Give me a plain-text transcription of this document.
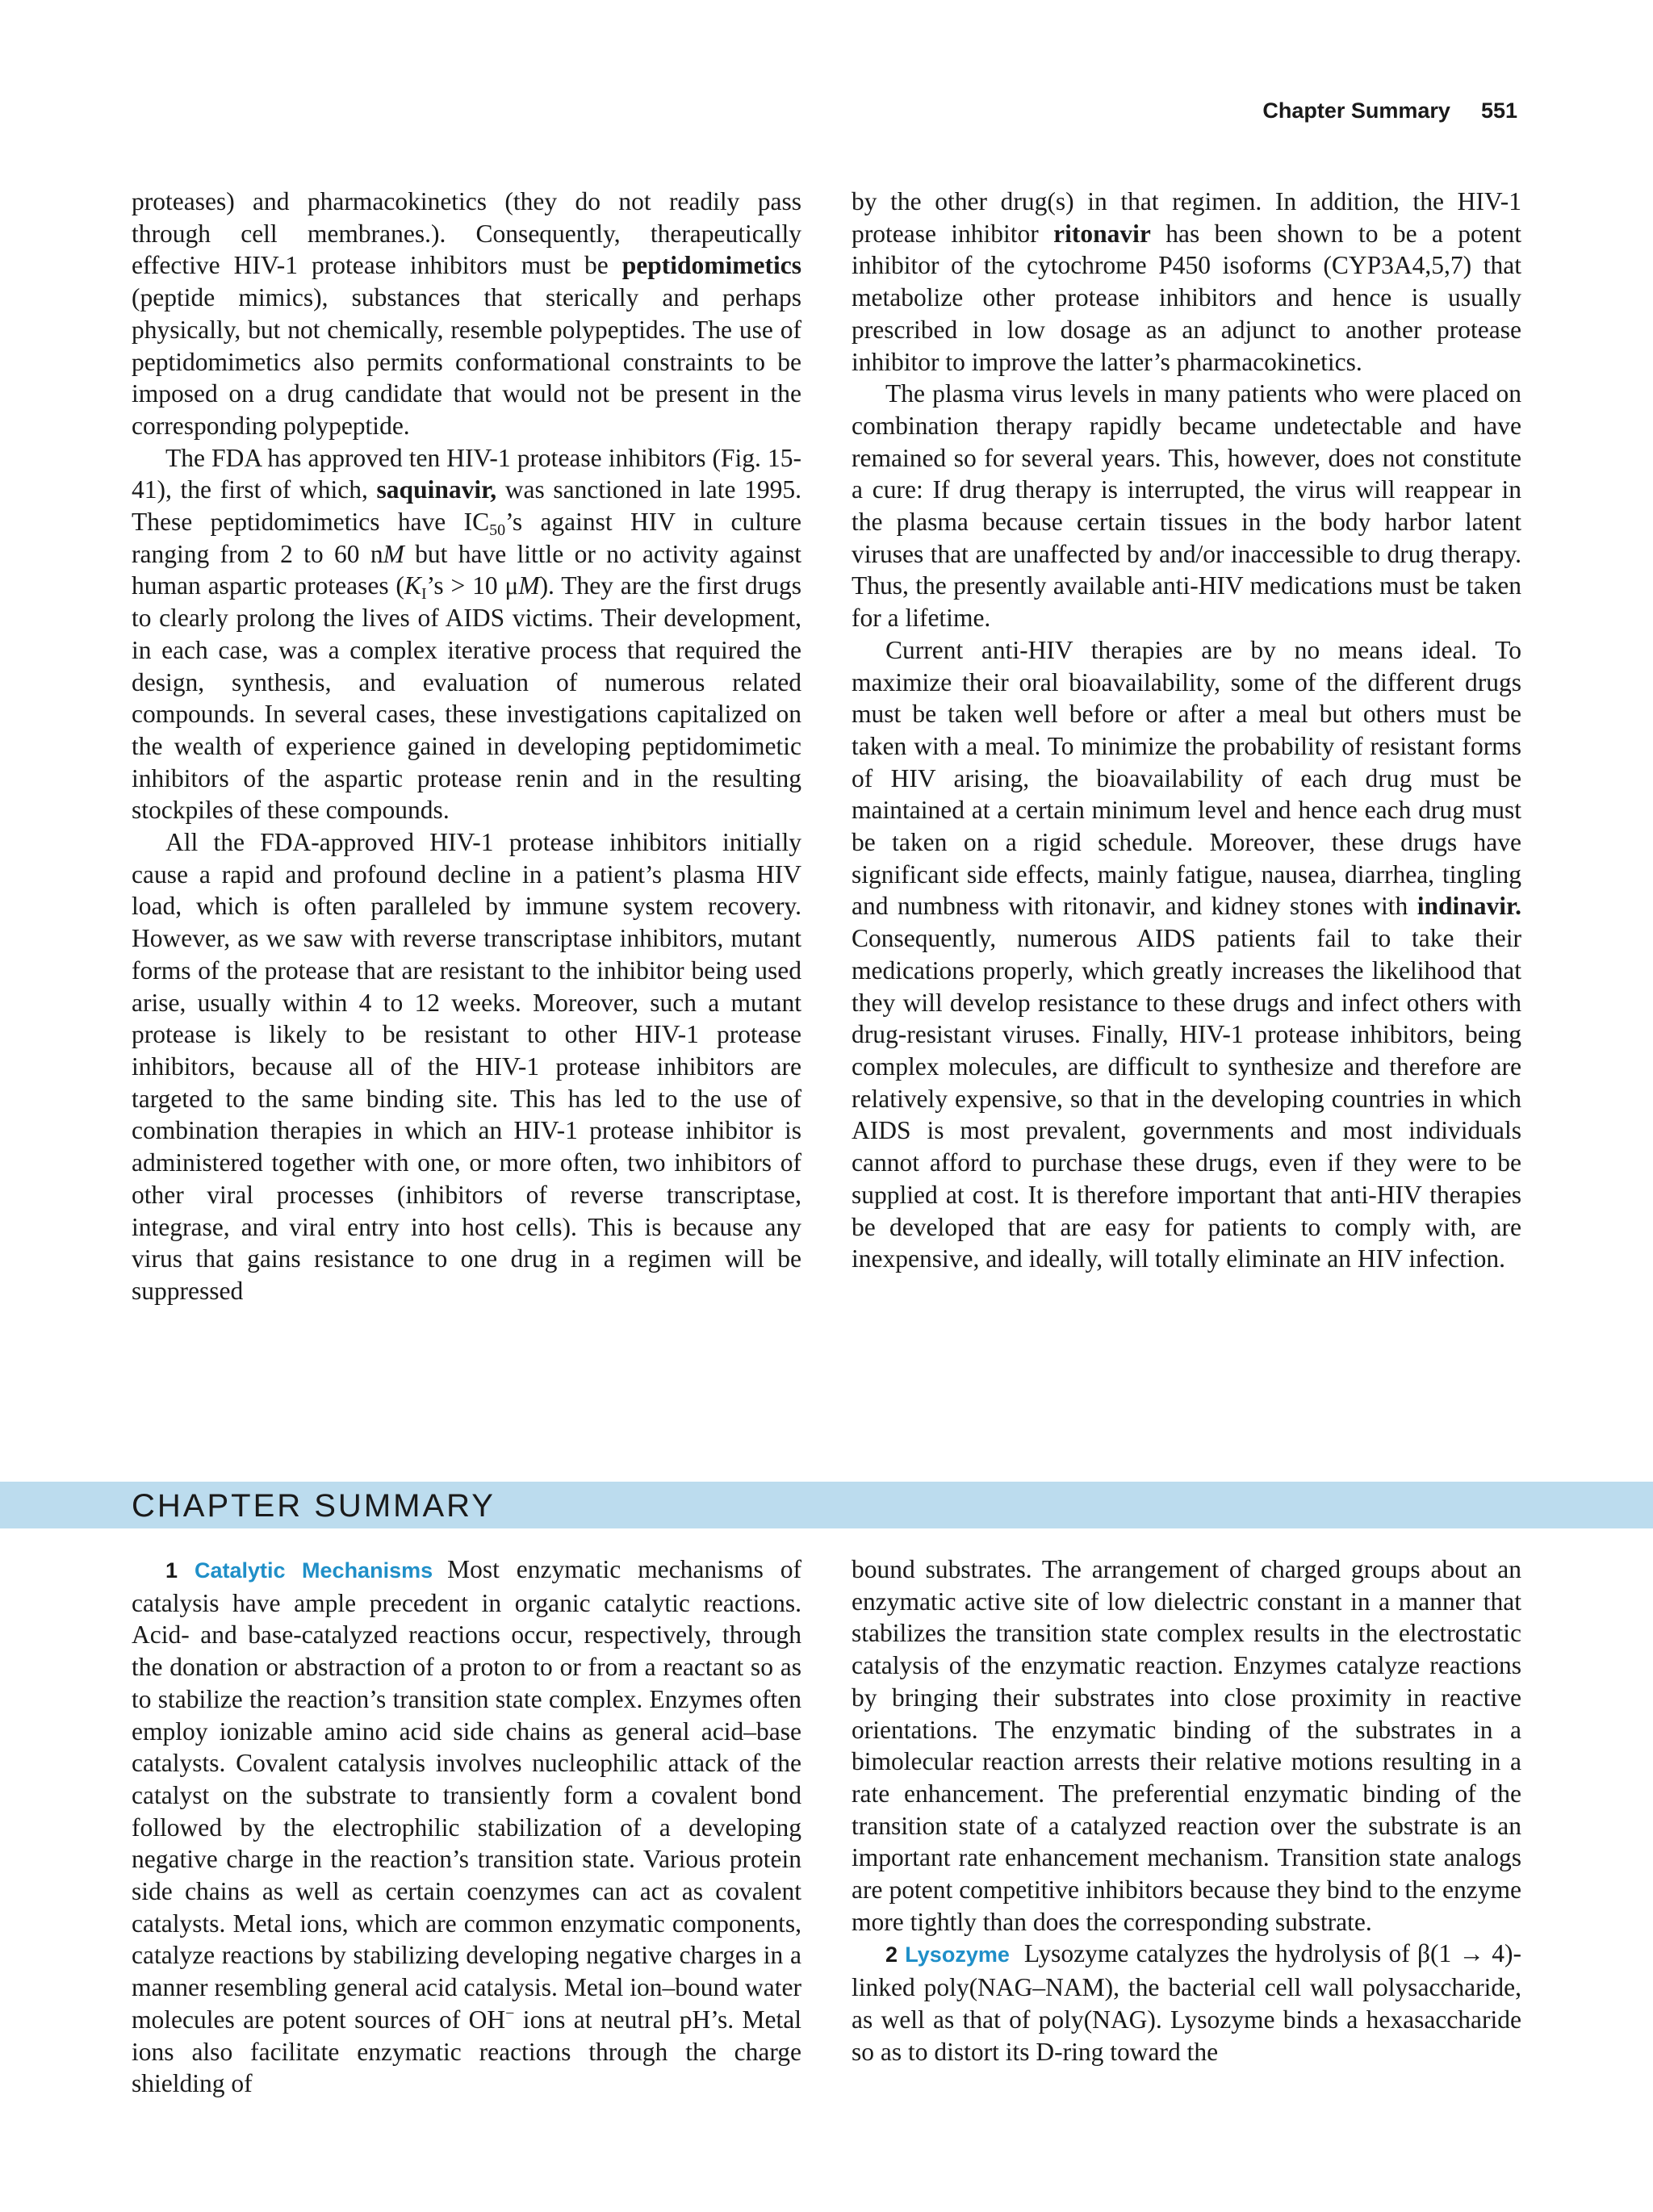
Chapter Summary 551

proteases) and pharmacokinetics (they do not readily pass through cell membranes.). Consequently, therapeutically effective HIV-1 protease inhibitors must be peptidomimetics (peptide mimics), substances that sterically and perhaps physically, but not chemically, resemble polypeptides. The use of peptidomimetics also permits conformational constraints to be imposed on a drug candidate that would not be present in the corresponding polypeptide.

The FDA has approved ten HIV-1 protease inhibitors (Fig. 15-41), the first of which, saquinavir, was sanctioned in late 1995. These peptidomimetics have $IC_{50}’s$ against HIV in culture ranging from 2 to 60 nM but have little or no activity against human aspartic proteases ($K_I’s > 10$ μM). They are the first drugs to clearly prolong the lives of AIDS victims. Their development, in each case, was a complex iterative process that required the design, synthesis, and evaluation of numerous related compounds. In several cases, these investigations capitalized on the wealth of experience gained in developing peptidomimetic inhibitors of the aspartic protease renin and in the resulting stockpiles of these compounds.

All the FDA-approved HIV-1 protease inhibitors initially cause a rapid and profound decline in a patient’s plasma HIV load, which is often paralleled by immune system recovery. However, as we saw with reverse transcriptase inhibitors, mutant forms of the protease that are resistant to the inhibitor being used arise, usually within 4 to 12 weeks. Moreover, such a mutant protease is likely to be resistant to other HIV-1 protease inhibitors, because all of the HIV-1 protease inhibitors are targeted to the same binding site. This has led to the use of combination therapies in which an HIV-1 protease inhibitor is administered together with one, or more often, two inhibitors of other viral processes (inhibitors of reverse transcriptase, integrase, and viral entry into host cells). This is because any virus that gains resistance to one drug in a regimen will be suppressed

by the other drug(s) in that regimen. In addition, the HIV-1 protease inhibitor ritonavir has been shown to be a potent inhibitor of the cytochrome P450 isoforms (CYP3A4,5,7) that metabolize other protease inhibitors and hence is usually prescribed in low dosage as an adjunct to another protease inhibitor to improve the latter’s pharmacokinetics.

The plasma virus levels in many patients who were placed on combination therapy rapidly became undetectable and have remained so for several years. This, however, does not constitute a cure: If drug therapy is interrupted, the virus will reappear in the plasma because certain tissues in the body harbor latent viruses that are unaffected by and/or inaccessible to drug therapy. Thus, the presently available anti-HIV medications must be taken for a lifetime.

Current anti-HIV therapies are by no means ideal. To maximize their oral bioavailability, some of the different drugs must be taken well before or after a meal but others must be taken with a meal. To minimize the probability of resistant forms of HIV arising, the bioavailability of each drug must be maintained at a certain minimum level and hence each drug must be taken on a rigid schedule. Moreover, these drugs have significant side effects, mainly fatigue, nausea, diarrhea, tingling and numbness with ritonavir, and kidney stones with indinavir. Consequently, numerous AIDS patients fail to take their medications properly, which greatly increases the likelihood that they will develop resistance to these drugs and infect others with drug-resistant viruses. Finally, HIV-1 protease inhibitors, being complex molecules, are difficult to synthesize and therefore are relatively expensive, so that in the developing countries in which AIDS is most prevalent, governments and most individuals cannot afford to purchase these drugs, even if they were to be supplied at cost. It is therefore important that anti-HIV therapies be developed that are easy for patients to comply with, are inexpensive, and ideally, will totally eliminate an HIV infection.

CHAPTER SUMMARY

1 Catalytic Mechanisms Most enzymatic mechanisms of catalysis have ample precedent in organic catalytic reactions. Acid- and base-catalyzed reactions occur, respectively, through the donation or abstraction of a proton to or from a reactant so as to stabilize the reaction’s transition state complex. Enzymes often employ ionizable amino acid side chains as general acid–base catalysts. Covalent catalysis involves nucleophilic attack of the catalyst on the substrate to transiently form a covalent bond followed by the electrophilic stabilization of a developing negative charge in the reaction’s transition state. Various protein side chains as well as certain coenzymes can act as covalent catalysts. Metal ions, which are common enzymatic components, catalyze reactions by stabilizing developing negative charges in a manner resembling general acid catalysis. Metal ion–bound water molecules are potent sources of OH− ions at neutral pH’s. Metal ions also facilitate enzymatic reactions through the charge shielding of

bound substrates. The arrangement of charged groups about an enzymatic active site of low dielectric constant in a manner that stabilizes the transition state complex results in the electrostatic catalysis of the enzymatic reaction. Enzymes catalyze reactions by bringing their substrates into close proximity in reactive orientations. The enzymatic binding of the substrates in a bimolecular reaction arrests their relative motions resulting in a rate enhancement. The preferential enzymatic binding of the transition state of a catalyzed reaction over the substrate is an important rate enhancement mechanism. Transition state analogs are potent competitive inhibitors because they bind to the enzyme more tightly than does the corresponding substrate.

2 Lysozyme Lysozyme catalyzes the hydrolysis of β(1 → 4)-linked poly(NAG–NAM), the bacterial cell wall polysaccharide, as well as that of poly(NAG). Lysozyme binds a hexasaccharide so as to distort its D-ring toward the
